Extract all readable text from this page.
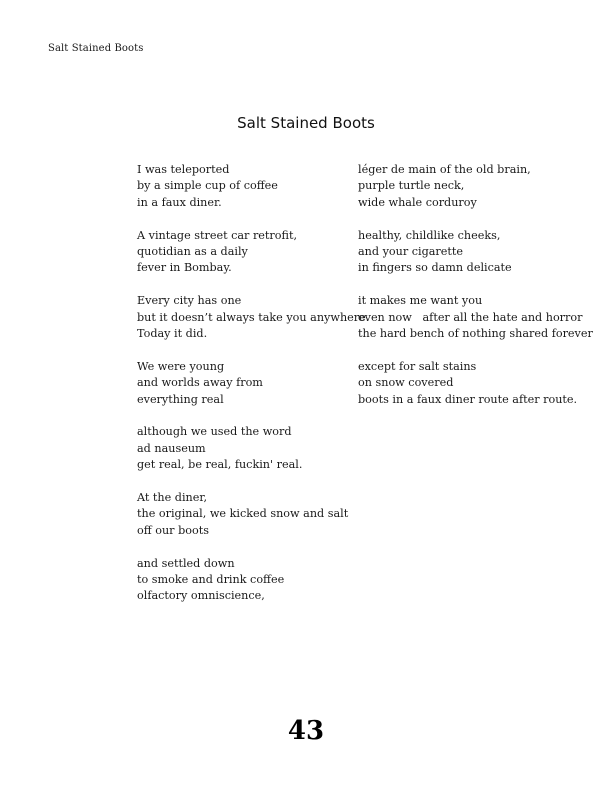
Salt Stained Boots
Salt Stained Boots
I was teleported
by a simple cup of coffee
in a faux diner.
A vintage street car retrofit,
quotidian as a daily
fever in Bombay.
Every city has one
but it doesn’t always take you anywhere.
Today it did.
We were young
and worlds away from
everything real
although we used the word
ad nauseum
get real, be real, fuckin' real.
At the diner,
the original, we kicked snow and salt
off our boots
and settled down
to smoke and drink coffee
olfactory omniscience,
léger de main of the old brain,
purple turtle neck,
wide whale corduroy
healthy, childlike cheeks,
and your cigarette
in fingers so damn delicate
it makes me want you
even now   after all the hate and horror
the hard bench of nothing shared forever
except for salt stains
on snow covered
boots in a faux diner route after route.
43
